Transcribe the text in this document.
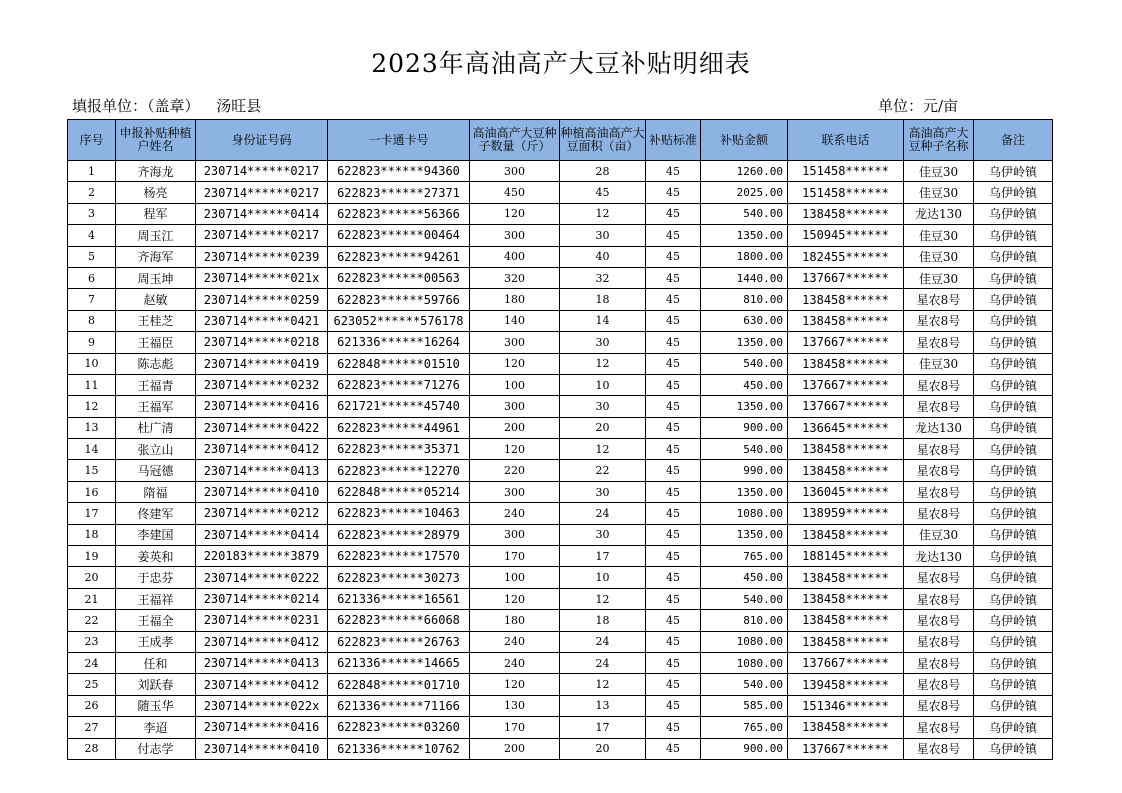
2023年高油高产大豆补贴明细表
填报单位：（盖章） 汤旺县	单位：元/亩
序号	申报补贴种植户姓名	身份证号码	一卡通卡号	高油高产大豆种子数量（斤）	种植高油高产大豆面积（亩）	补贴标准	补贴金额	联系电话	高油高产大豆种子名称	备注
1	齐海龙	230714******0217	622823******94360	300	28	45	1260.00	151458******	佳豆30	乌伊岭镇
2	杨亮	230714******0217	622823******27371	450	45	45	2025.00	151458******	佳豆30	乌伊岭镇
3	程军	230714******0414	622823******56366	120	12	45	540.00	138458******	龙达130	乌伊岭镇
4	周玉江	230714******0217	622823******00464	300	30	45	1350.00	150945******	佳豆30	乌伊岭镇
5	齐海军	230714******0239	622823******94261	400	40	45	1800.00	182455******	佳豆30	乌伊岭镇
6	周玉坤	230714******021x	622823******00563	320	32	45	1440.00	137667******	佳豆30	乌伊岭镇
7	赵敏	230714******0259	622823******59766	180	18	45	810.00	138458******	星农8号	乌伊岭镇
8	王桂芝	230714******0421	623052******576178	140	14	45	630.00	138458******	星农8号	乌伊岭镇
9	王福臣	230714******0218	621336******16264	300	30	45	1350.00	137667******	星农8号	乌伊岭镇
10	陈志彪	230714******0419	622848******01510	120	12	45	540.00	138458******	佳豆30	乌伊岭镇
11	王福青	230714******0232	622823******71276	100	10	45	450.00	137667******	星农8号	乌伊岭镇
12	王福军	230714******0416	621721******45740	300	30	45	1350.00	137667******	星农8号	乌伊岭镇
13	杜广清	230714******0422	622823******44961	200	20	45	900.00	136645******	龙达130	乌伊岭镇
14	张立山	230714******0412	622823******35371	120	12	45	540.00	138458******	星农8号	乌伊岭镇
15	马冠德	230714******0413	622823******12270	220	22	45	990.00	138458******	星农8号	乌伊岭镇
16	隋福	230714******0410	622848******05214	300	30	45	1350.00	136045******	星农8号	乌伊岭镇
17	佟建军	230714******0212	622823******10463	240	24	45	1080.00	138959******	星农8号	乌伊岭镇
18	李建国	230714******0414	622823******28979	300	30	45	1350.00	138458******	佳豆30	乌伊岭镇
19	姜英和	220183******3879	622823******17570	170	17	45	765.00	188145******	龙达130	乌伊岭镇
20	于忠芬	230714******0222	622823******30273	100	10	45	450.00	138458******	星农8号	乌伊岭镇
21	王福祥	230714******0214	621336******16561	120	12	45	540.00	138458******	星农8号	乌伊岭镇
22	王福全	230714******0231	622823******66068	180	18	45	810.00	138458******	星农8号	乌伊岭镇
23	王成孝	230714******0412	622823******26763	240	24	45	1080.00	138458******	星农8号	乌伊岭镇
24	任和	230714******0413	621336******14665	240	24	45	1080.00	137667******	星农8号	乌伊岭镇
25	刘跃春	230714******0412	622848******01710	120	12	45	540.00	139458******	星农8号	乌伊岭镇
26	随玉华	230714******022x	621336******71166	130	13	45	585.00	151346******	星农8号	乌伊岭镇
27	李迢	230714******0416	622823******03260	170	17	45	765.00	138458******	星农8号	乌伊岭镇
28	付志学	230714******0410	621336******10762	200	20	45	900.00	137667******	星农8号	乌伊岭镇
